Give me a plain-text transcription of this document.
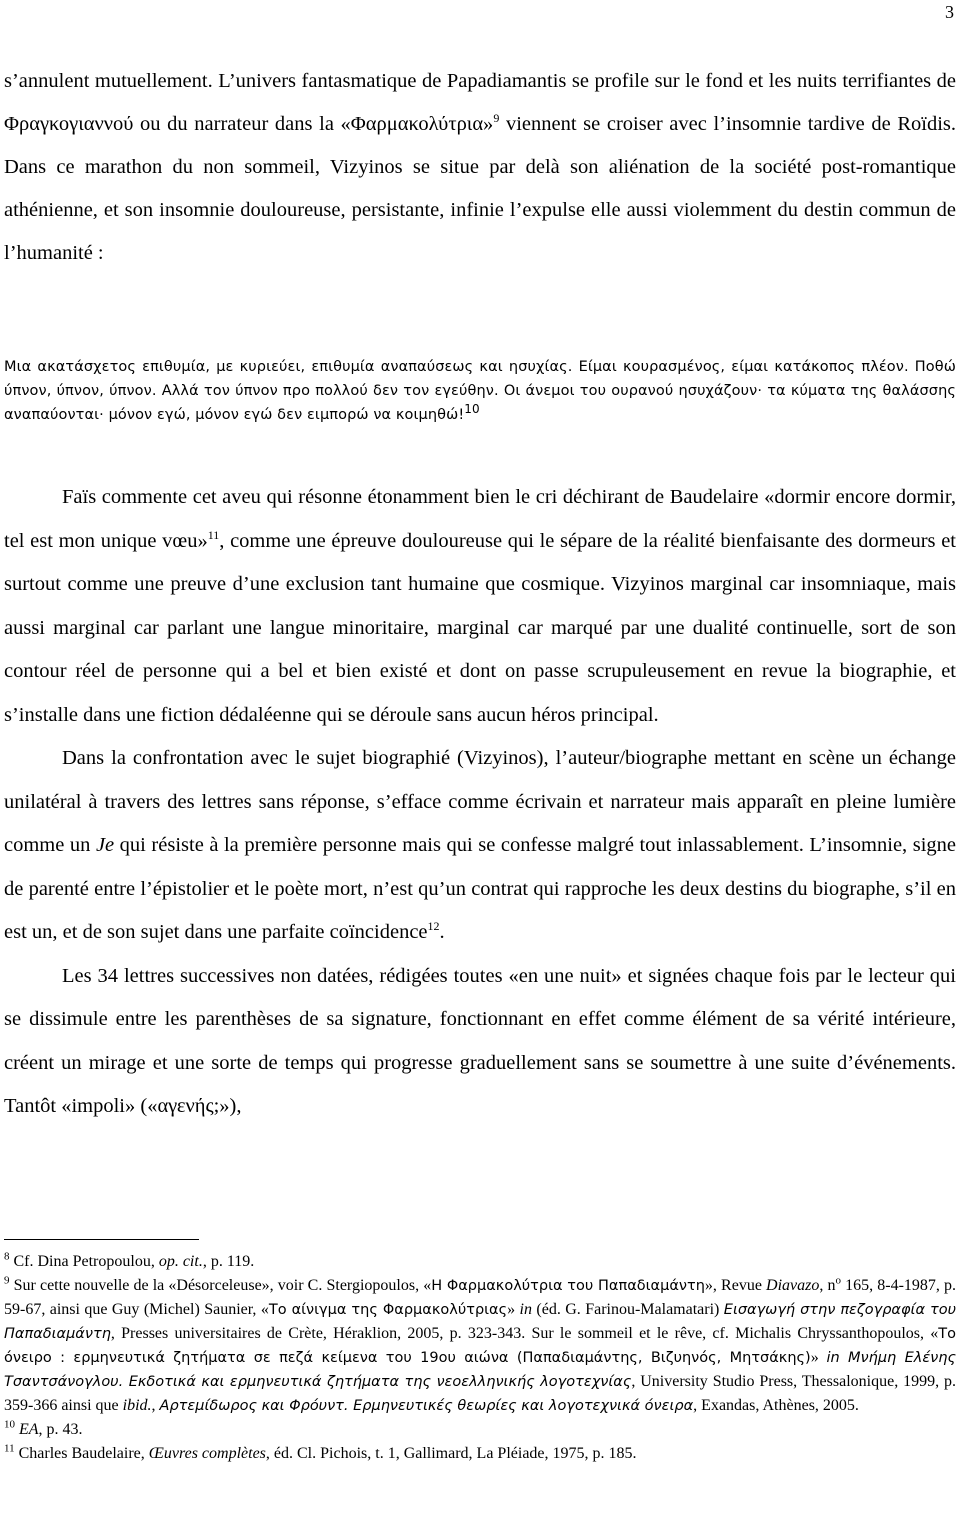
3

s’annulent mutuellement. L’univers fantasmatique de Papadiamantis se profile sur le fond et les nuits terrifiantes de Φραγκογιαννού ou du narrateur dans la «Φαρμακολύτρια»$^9$ viennent se croiser avec l’insomnie tardive de Roïdis. Dans ce marathon du non sommeil, Vizyinos se situe par delà son aliénation de la société post-romantique athénienne, et son insomnie douloureuse, persistante, infinie l’expulse elle aussi violemment du destin commun de l’humanité :

Μια ακατάσχετος επιθυμία, με κυριεύει, επιθυμία αναπαύσεως και ησυχίας. Είμαι κουρασμένος, είμαι κατάκοπος πλέον. Ποθώ ύπνον, ύπνον, ύπνον. Αλλά τον ύπνον προ πολλού δεν τον εγεύθην. Οι άνεμοι του ουρανού ησυχάζουν· τα κύματα της θαλάσσης αναπαύονται· μόνον εγώ, μόνον εγώ δεν ειμπορώ να κοιμηθώ!$^{10}$

Faïs commente cet aveu qui résonne étonamment bien le cri déchirant de Baudelaire «dormir encore dormir, tel est mon unique vœu»$^{11}$, comme une épreuve douloureuse qui le sépare de la réalité bienfaisante des dormeurs et surtout comme une preuve d’une exclusion tant humaine que cosmique. Vizyinos marginal car insomniaque, mais aussi marginal car parlant une langue minoritaire, marginal car marqué par une dualité continuelle, sort de son contour réel de personne qui a bel et bien existé et dont on passe scrupuleusement en revue la biographie, et s’installe dans une fiction dédaléenne qui se déroule sans aucun héros principal.

Dans la confrontation avec le sujet biographié (Vizyinos), l’auteur/biographe mettant en scène un échange unilatéral à travers des lettres sans réponse, s’efface comme écrivain et narrateur mais apparaît en pleine lumière comme un Je qui résiste à la première personne mais qui se confesse malgré tout inlassablement. L’insomnie, signe de parenté entre l’épistolier et le poète mort, n’est qu’un contrat qui rapproche les deux destins du biographe, s’il en est un, et de son sujet dans une parfaite coïncidence$^{12}$.

Les 34 lettres successives non datées, rédigées toutes «en une nuit» et signées chaque fois par le lecteur qui se dissimule entre les parenthèses de sa signature, fonctionnant en effet comme élément de sa vérité intérieure, créent un mirage et une sorte de temps qui progresse graduellement sans se soumettre à une suite d’événements. Tantôt «impoli» («αγενής;»),

$^8$ Cf. Dina Petropoulou, op. cit., p. 119.

$^9$ Sur cette nouvelle de la «Désorceleuse», voir C. Stergiopoulos, «Η Φαρμακολύτρια του Παπαδιαμάντη», Revue Diavazo, $n^o$ 165, 8-4-1987, p. 59-67, ainsi que Guy (Michel) Saunier, «Το αίνιγμα της Φαρμακολύτριας» in (éd. G. Farinou-Malamatari) Εισαγωγή στην πεζογραφία του Παπαδιαμάντη, Presses universitaires de Crète, Héraklion, 2005, p. 323-343. Sur le sommeil et le rêve, cf. Michalis Chryssanthopoulos, «Το όνειρο : ερμηνευτικά ζητήματα σε πεζά κείμενα του 19ου αιώνα (Παπαδιαμάντης, Βιζυηνός, Μητσάκης)» in Μνήμη Ελένης Τσαντσάνογλου. Εκδοτικά και ερμηνευτικά ζητήματα της νεοελληνικής λογοτεχνίας, University Studio Press, Thessalonique, 1999, p. 359-366 ainsi que ibid., Αρτεμίδωρος και Φρόυντ. Ερμηνευτικές θεωρίες και λογοτεχνικά όνειρα, Exandas, Athènes, 2005.

$^{10}$ EA, p. 43.

$^{11}$ Charles Baudelaire, Œuvres complètes, éd. Cl. Pichois, t. 1, Gallimard, La Pléiade, 1975, p. 185.
